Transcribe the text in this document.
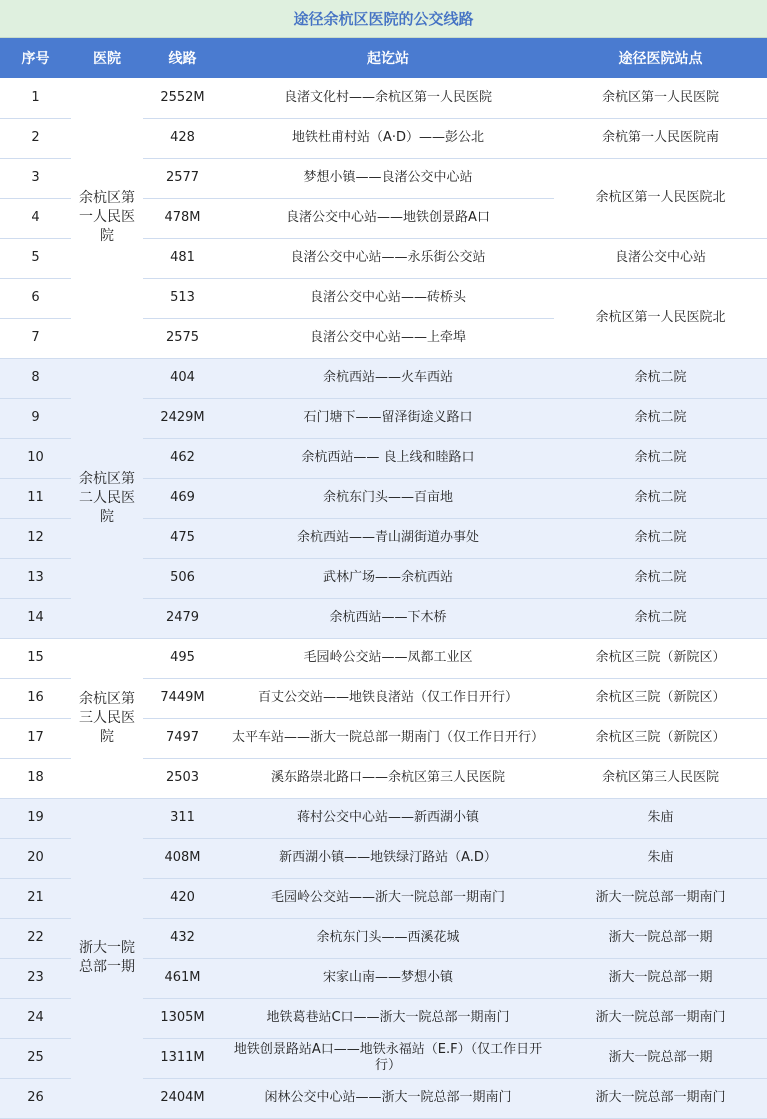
途径余杭区医院的公交线路
序号	医院	线路	起讫站	途径医院站点
1	余杭区第一人民医院	2552M	良渚文化村——余杭区第一人民医院	余杭区第一人民医院
2		428	地铁杜甫村站（A·D）——彭公北	余杭第一人民医院南
3		2577	梦想小镇——良渚公交中心站	余杭区第一人民医院北
4		478M	良渚公交中心站——地铁创景路A口	
5		481	良渚公交中心站——永乐街公交站	良渚公交中心站
6		513	良渚公交中心站——砖桥头	余杭区第一人民医院北
7		2575	良渚公交中心站——上牵埠	
8	余杭区第二人民医院	404	余杭西站——火车西站	余杭二院
9		2429M	石门塘下——留泽街途义路口	余杭二院
10		462	余杭西站—— 良上线和睦路口	余杭二院
11		469	余杭东门头——百亩地	余杭二院
12		475	余杭西站——青山湖街道办事处	余杭二院
13		506	武林广场——余杭西站	余杭二院
14		2479	余杭西站——下木桥	余杭二院
15	余杭区第三人民医院	495	毛园岭公交站——凤都工业区	余杭区三院（新院区）
16		7449M	百丈公交站——地铁良渚站（仅工作日开行）	余杭区三院（新院区）
17		7497	太平车站——浙大一院总部一期南门（仅工作日开行）	余杭区三院（新院区）
18		2503	溪东路崇北路口——余杭区第三人民医院	余杭区第三人民医院
19	浙大一院总部一期	311	蒋村公交中心站——新西湖小镇	朱庙
20		408M	新西湖小镇——地铁绿汀路站（A.D）	朱庙
21		420	毛园岭公交站——浙大一院总部一期南门	浙大一院总部一期南门
22		432	余杭东门头——西溪花城	浙大一院总部一期
23		461M	宋家山南——梦想小镇	浙大一院总部一期
24		1305M	地铁葛巷站C口——浙大一院总部一期南门	浙大一院总部一期南门
25		1311M	地铁创景路站A口——地铁永福站（E.F）（仅工作日开行）	浙大一院总部一期
26		2404M	闲林公交中心站——浙大一院总部一期南门	浙大一院总部一期南门
